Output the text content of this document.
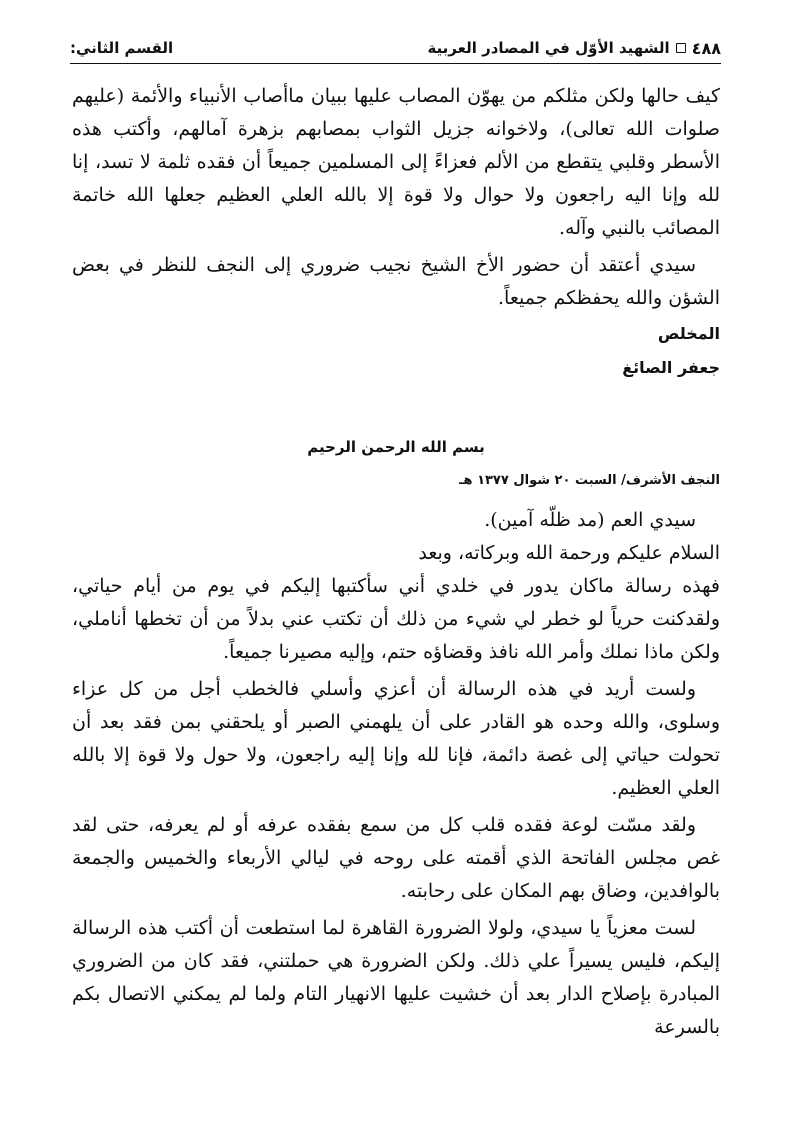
٤٨٨
الشهيد الأوّل في المصادر العربية
القسم الثاني:

كيف حالها ولكن مثلكم من يهوّن المصاب عليها ببيان ماأصاب الأنبياء والأئمة (عليهم صلوات الله تعالى)، ولاخوانه جزيل الثواب بمصابهم بزهرة آمالهم، وأكتب هذه الأسطر وقلبي يتقطع من الألم فعزاءً إلى المسلمين جميعاً أن فقده ثلمة لا تسد، إنا لله وإنا اليه راجعون ولا حوال ولا قوة إلا بالله العلي العظيم جعلها الله خاتمة المصائب بالنبي وآله.

سيدي أعتقد أن حضور الأخ الشيخ نجيب ضروري إلى النجف للنظر في بعض الشؤن والله يحفظكم جميعاً.

المخلص

جعفر الصائغ

بسم الله الرحمن الرحيم

النجف الأشرف/ السبت ٢٠ شوال ١٣٧٧ هـ

سيدي العم (مد ظلّه آمين).

السلام عليكم ورحمة الله وبركاته، وبعد

فهذه رسالة ماكان يدور في خلدي أني سأكتبها إليكم في يوم من أيام حياتي، ولقدكنت حرياً لو خطر لي شيء من ذلك أن تكتب عني بدلاً من أن تخطها أناملي، ولكن ماذا نملك وأمر الله نافذ وقضاؤه حتم، وإليه مصيرنا جميعاً.

ولست أريد في هذه الرسالة أن أعزي وأسلي فالخطب أجل من كل عزاء وسلوى، والله وحده هو القادر على أن يلهمني الصبر أو يلحقني بمن فقد بعد أن تحولت حياتي إلى غصة دائمة، فإنا لله وإنا إليه راجعون، ولا حول ولا قوة إلا بالله العلي العظيم.

ولقد مسّت لوعة فقده قلب كل من سمع بفقده عرفه أو لم يعرفه، حتى لقد غص مجلس الفاتحة الذي أقمته على روحه في ليالي الأربعاء والخميس والجمعة بالوافدين، وضاق بهم المكان على رحابته.

لست معزياً يا سيدي، ولولا الضرورة القاهرة لما استطعت أن أكتب هذه الرسالة إليكم، فليس يسيراً علي ذلك. ولكن الضرورة هي حملتني، فقد كان من الضروري المبادرة بإصلاح الدار بعد أن خشيت عليها الانهيار التام ولما لم يمكني الاتصال بكم بالسرعة
